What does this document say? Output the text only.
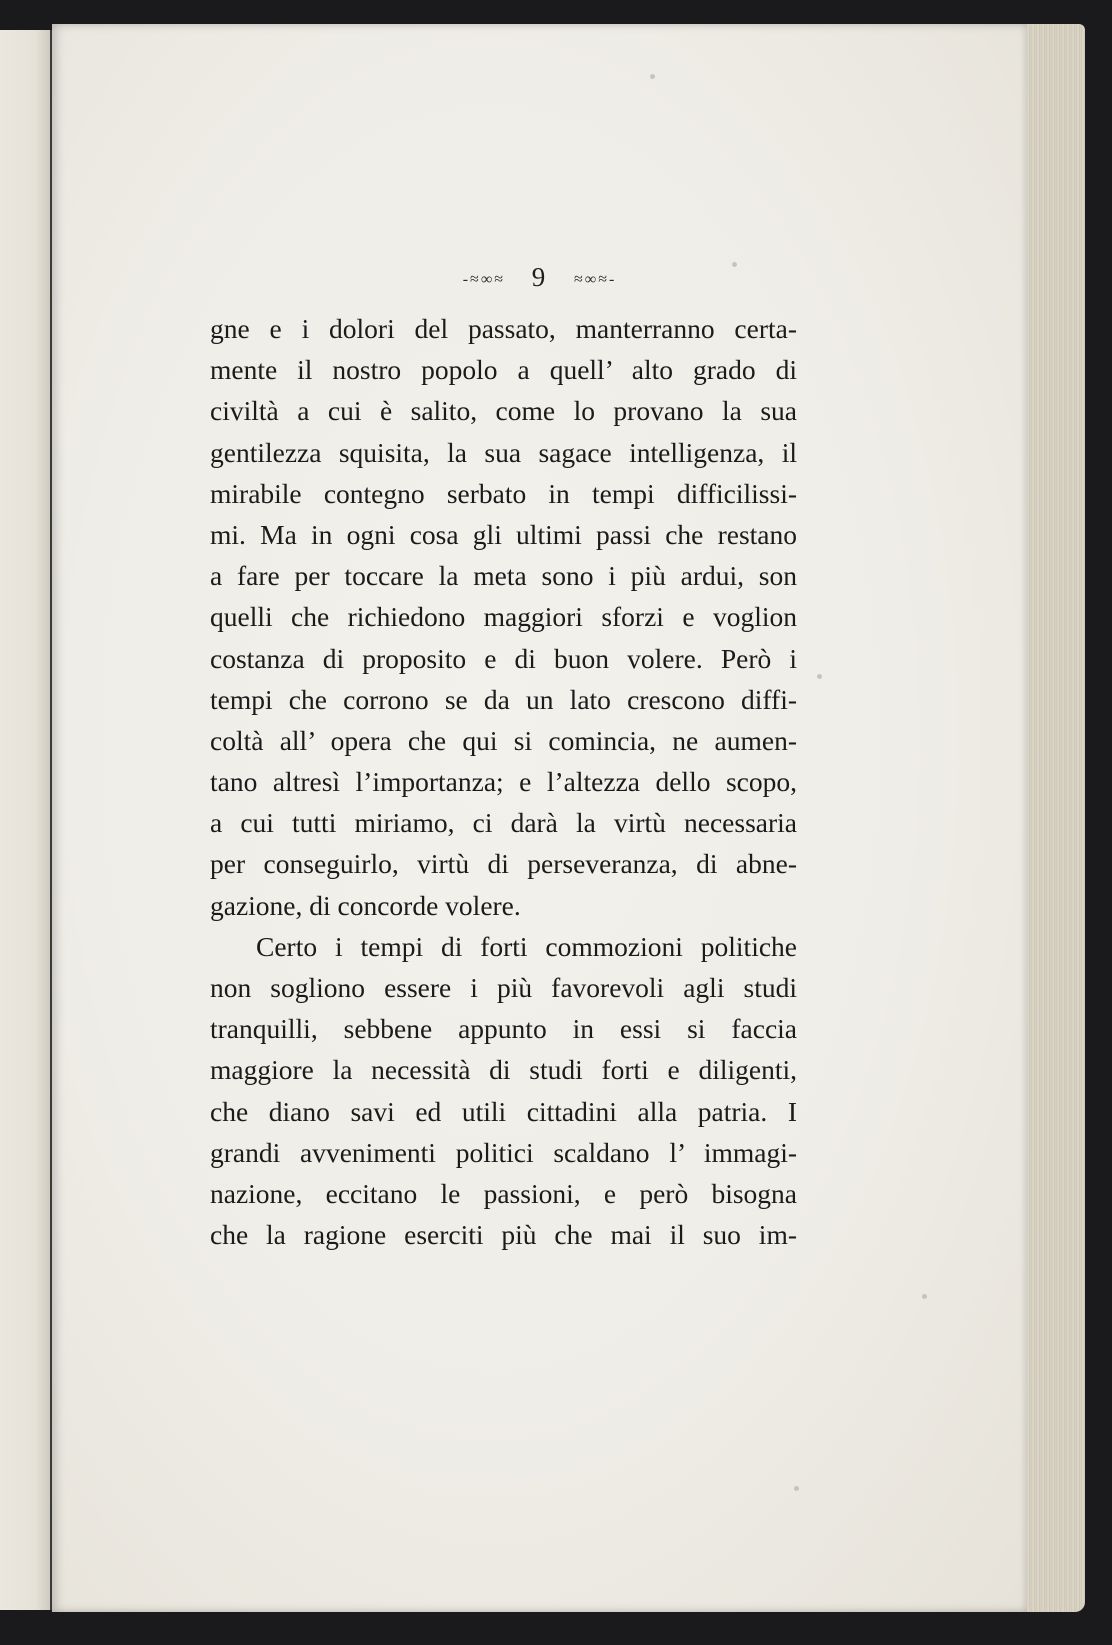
-≈∞≈ 9 ≈∞≈-
gne e i dolori del passato, manterranno certa-
mente il nostro popolo a quell’ alto grado di
civiltà a cui è salito, come lo provano la sua
gentilezza squisita, la sua sagace intelligenza, il
mirabile contegno serbato in tempi difficilissi-
mi. Ma in ogni cosa gli ultimi passi che restano
a fare per toccare la meta sono i più ardui, son
quelli che richiedono maggiori sforzi e voglion
costanza di proposito e di buon volere. Però i
tempi che corrono se da un lato crescono diffi-
coltà all’ opera che qui si comincia, ne aumen-
tano altresì l’importanza; e l’altezza dello scopo,
a cui tutti miriamo, ci darà la virtù necessaria
per conseguirlo, virtù di perseveranza, di abne-
gazione, di concorde volere.
Certo i tempi di forti commozioni politiche
non sogliono essere i più favorevoli agli studi
tranquilli, sebbene appunto in essi si faccia
maggiore la necessità di studi forti e diligenti,
che diano savi ed utili cittadini alla patria. I
grandi avvenimenti politici scaldano l’ immagi-
nazione, eccitano le passioni, e però bisogna
che la ragione eserciti più che mai il suo im-
